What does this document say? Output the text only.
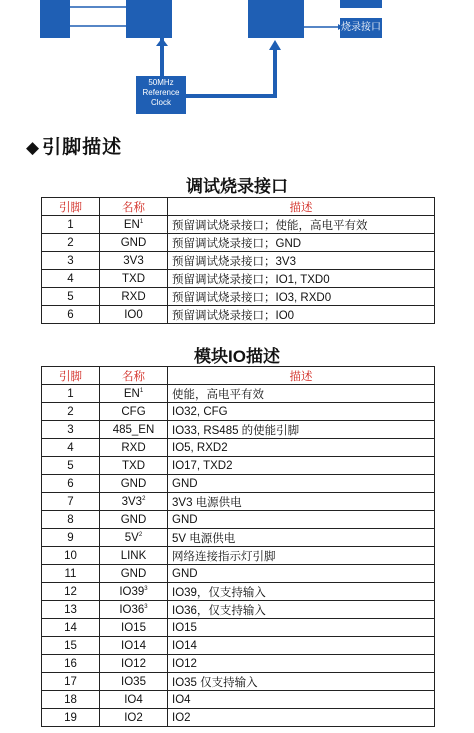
50MHz
Reference
Clock
烧录接口
◆ 引脚描述
调试烧录接口
引脚	名称	描述
1	$EN^1$	预留调试烧录接口；使能，高电平有效
2	GND	预留调试烧录接口；GND
3	3V3	预留调试烧录接口；3V3
4	TXD	预留调试烧录接口；IO1, TXD0
5	RXD	预留调试烧录接口；IO3, RXD0
6	IO0	预留调试烧录接口；IO0
模块IO描述
引脚	名称	描述
1	$EN^1$	使能，高电平有效
2	CFG	IO32, CFG
3	485_EN	IO33, RS485 的使能引脚
4	RXD	IO5, RXD2
5	TXD	IO17, TXD2
6	GND	GND
7	$3V3^2$	3V3 电源供电
8	GND	GND
9	$5V^2$	5V 电源供电
10	LINK	网络连接指示灯引脚
11	GND	GND
12	$IO39^3$	IO39，仅支持输入
13	$IO36^3$	IO36，仅支持输入
14	IO15	IO15
15	IO14	IO14
16	IO12	IO12
17	IO35	IO35 仅支持输入
18	IO4	IO4
19	IO2	IO2
